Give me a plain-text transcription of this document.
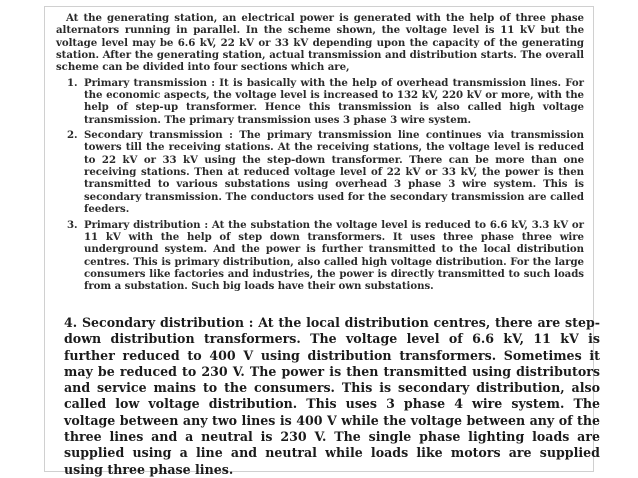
At the generating station, an electrical power is generated with the help of three phase alternators running in parallel. In the scheme shown, the voltage level is 11 kV but the voltage level may be 6.6 kV, 22 kV or 33 kV depending upon the capacity of the generating station. After the generating station, actual transmission and distribution starts. The overall scheme can be divided into four sections which are,

1. Primary transmission : It is basically with the help of overhead transmission lines. For the economic aspects, the voltage level is increased to 132 kV, 220 kV or more, with the help of step-up transformer. Hence this transmission is also called high voltage transmission. The primary transmission uses 3 phase 3 wire system.
2. Secondary transmission : The primary transmission line continues via transmission towers till the receiving stations. At the receiving stations, the voltage level is reduced to 22 kV or 33 kV using the step-down transformer. There can be more than one receiving stations. Then at reduced voltage level of 22 kV or 33 kV, the power is then transmitted to various substations using overhead 3 phase 3 wire system. This is secondary transmission. The conductors used for the secondary transmission are called feeders.
3. Primary distribution : At the substation the voltage level is reduced to 6.6 kV, 3.3 kV or 11 kV with the help of step down transformers. It uses three phase three wire underground system. And the power is further transmitted to the local distribution centres. This is primary distribution, also called high voltage distribution. For the large consumers like factories and industries, the power is directly transmitted to such loads from a substation. Such big loads have their own substations.
4. Secondary distribution : At the local distribution centres, there are step-down distribution transformers. The voltage level of 6.6 kV, 11 kV is further reduced to 400 V using distribution transformers. Sometimes it may be reduced to 230 V. The power is then transmitted using distributors and service mains to the consumers. This is secondary distribution, also called low voltage distribution. This uses 3 phase 4 wire system. The voltage between any two lines is 400 V while the voltage between any of the three lines and a neutral is 230 V. The single phase lighting loads are supplied using a line and neutral while loads like motors are supplied using three phase lines.
